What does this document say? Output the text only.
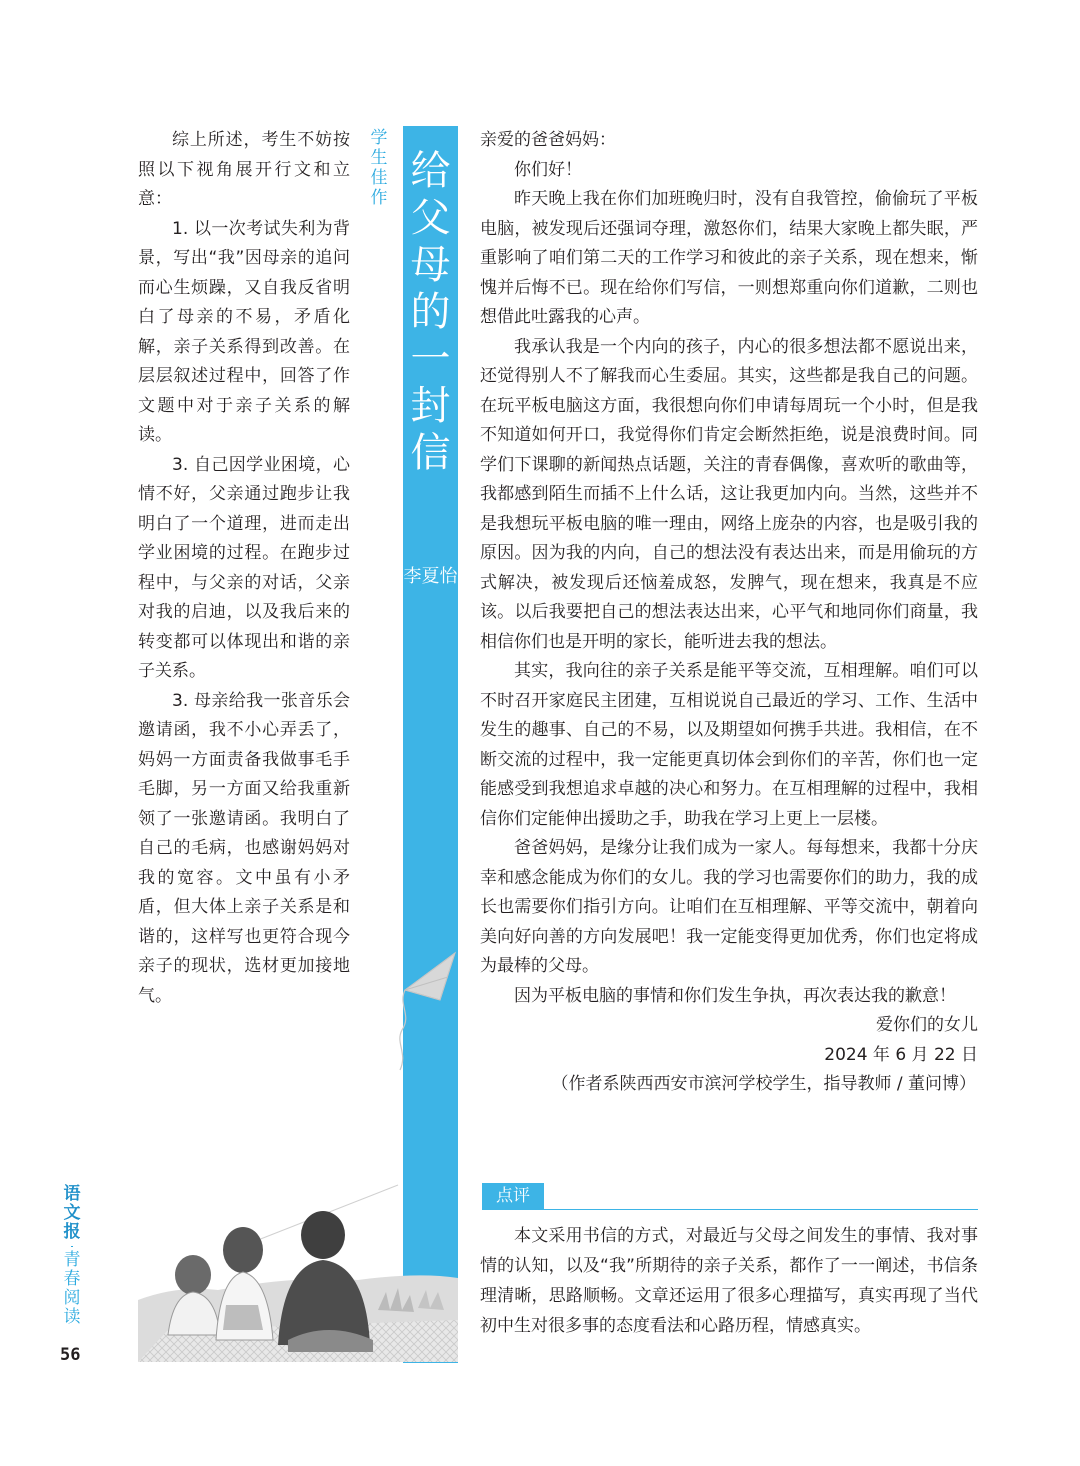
综上所述，考生不妨按照以下视角展开行文和立意：

1. 以一次考试失利为背景，写出“我”因母亲的追问而心生烦躁，又自我反省明白了母亲的不易，矛盾化解，亲子关系得到改善。在层层叙述过程中，回答了作文题中对于亲子关系的解读。

3. 自己因学业困境，心情不好，父亲通过跑步让我明白了一个道理，进而走出学业困境的过程。在跑步过程中，与父亲的对话，父亲对我的启迪，以及我后来的转变都可以体现出和谐的亲子关系。

3. 母亲给我一张音乐会邀请函，我不小心弄丢了，妈妈一方面责备我做事毛手毛脚，另一方面又给我重新领了一张邀请函。我明白了自己的毛病，也感谢妈妈对我的宽容。文中虽有小矛盾，但大体上亲子关系是和谐的，这样写也更符合现今亲子的现状，选材更加接地气。

学生佳作
给父母的一封信
李夏怡

亲爱的爸爸妈妈：

你们好！

昨天晚上我在你们加班晚归时，没有自我管控，偷偷玩了平板电脑，被发现后还强词夺理，激怒你们，结果大家晚上都失眠，严重影响了咱们第二天的工作学习和彼此的亲子关系，现在想来，惭愧并后悔不已。现在给你们写信，一则想郑重向你们道歉，二则也想借此吐露我的心声。

我承认我是一个内向的孩子，内心的很多想法都不愿说出来，还觉得别人不了解我而心生委屈。其实，这些都是我自己的问题。在玩平板电脑这方面，我很想向你们申请每周玩一个小时，但是我不知道如何开口，我觉得你们肯定会断然拒绝，说是浪费时间。同学们下课聊的新闻热点话题，关注的青春偶像，喜欢听的歌曲等，我都感到陌生而插不上什么话，这让我更加内向。当然，这些并不是我想玩平板电脑的唯一理由，网络上庞杂的内容，也是吸引我的原因。因为我的内向，自己的想法没有表达出来，而是用偷玩的方式解决，被发现后还恼羞成怒，发脾气，现在想来，我真是不应该。以后我要把自己的想法表达出来，心平气和地同你们商量，我相信你们也是开明的家长，能听进去我的想法。

其实，我向往的亲子关系是能平等交流，互相理解。咱们可以不时召开家庭民主团建，互相说说自己最近的学习、工作、生活中发生的趣事、自己的不易，以及期望如何携手共进。我相信，在不断交流的过程中，我一定能更真切体会到你们的辛苦，你们也一定能感受到我想追求卓越的决心和努力。在互相理解的过程中，我相信你们定能伸出援助之手，助我在学习上更上一层楼。

爸爸妈妈，是缘分让我们成为一家人。每每想来，我都十分庆幸和感念能成为你们的女儿。我的学习也需要你们的助力，我的成长也需要你们指引方向。让咱们在互相理解、平等交流中，朝着向美向好向善的方向发展吧！我一定能变得更加优秀，你们也定将成为最棒的父母。

因为平板电脑的事情和你们发生争执，再次表达我的歉意！

爱你们的女儿

2024 年 6 月 22 日

（作者系陕西西安市滨河学校学生，指导教师 / 董问博）

点评

本文采用书信的方式，对最近与父母之间发生的事情、我对事情的认知，以及“我”所期待的亲子关系，都作了一一阐述，书信条理清晰，思路顺畅。文章还运用了很多心理描写，真实再现了当代初中生对很多事的态度看法和心路历程，情感真实。

语文报
青春阅读
56
